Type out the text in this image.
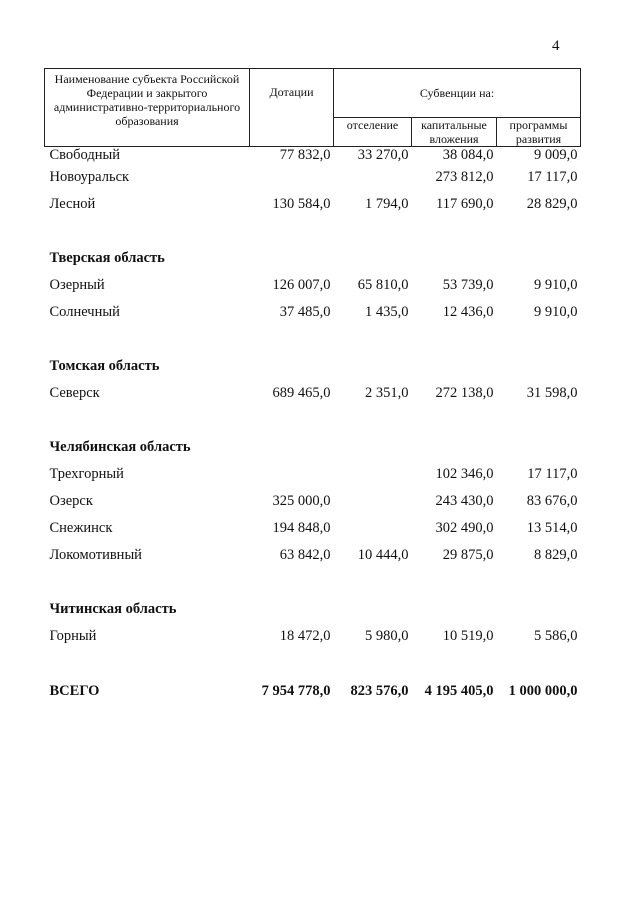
4
Наименование субъекта Российской Федерации и закрытого административно-территориального образования	Дотации	Субвенции на:		
		отселение	капитальные вложения	программы развития
Свободный	77 832,0	33 270,0	38 084,0	9 009,0
Новоуральск			273 812,0	17 117,0
Лесной	130 584,0	1 794,0	117 690,0	28 829,0

Тверская область				
Озерный	126 007,0	65 810,0	53 739,0	9 910,0
Солнечный	37 485,0	1 435,0	12 436,0	9 910,0

Томская область				
Северск	689 465,0	2 351,0	272 138,0	31 598,0

Челябинская область				
Трехгорный			102 346,0	17 117,0
Озерск	325 000,0		243 430,0	83 676,0
Снежинск	194 848,0		302 490,0	13 514,0
Локомотивный	63 842,0	10 444,0	29 875,0	8 829,0

Читинская область				
Горный	18 472,0	5 980,0	10 519,0	5 586,0

ВСЕГО	7 954 778,0	823 576,0	4 195 405,0	1 000 000,0
